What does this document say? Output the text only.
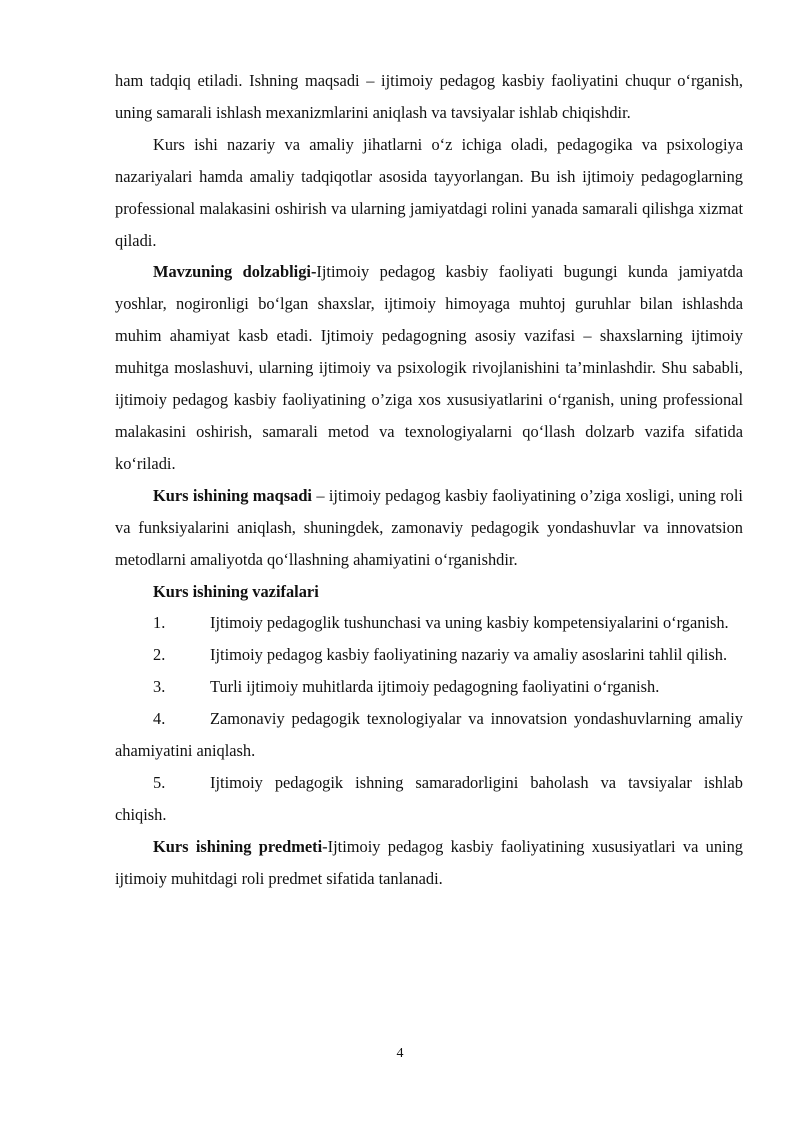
ham tadqiq etiladi. Ishning maqsadi – ijtimoiy pedagog kasbiy faoliyatini chuqur o‘rganish, uning samarali ishlash mexanizmlarini aniqlash va tavsiyalar ishlab chiqishdir.

Kurs ishi nazariy va amaliy jihatlarni o‘z ichiga oladi, pedagogika va psixologiya nazariyalari hamda amaliy tadqiqotlar asosida tayyorlangan. Bu ish ijtimoiy pedagoglarning professional malakasini oshirish va ularning jamiyatdagi rolini yanada samarali qilishga xizmat qiladi.

Mavzuning dolzabligi-Ijtimoiy pedagog kasbiy faoliyati bugungi kunda jamiyatda yoshlar, nogironligi bo‘lgan shaxslar, ijtimoiy himoyaga muhtoj guruhlar bilan ishlashda muhim ahamiyat kasb etadi. Ijtimoiy pedagogning asosiy vazifasi – shaxslarning ijtimoiy muhitga moslashuvi, ularning ijtimoiy va psixologik rivojlanishini ta’minlashdir. Shu sababli, ijtimoiy pedagog kasbiy faoliyatining o’ziga xos xususiyatlarini o‘rganish, uning professional malakasini oshirish, samarali metod va texnologiyalarni qo‘llash dolzarb vazifa sifatida ko‘riladi.

Kurs ishining maqsadi – ijtimoiy pedagog kasbiy faoliyatining o’ziga xosligi, uning roli va funksiyalarini aniqlash, shuningdek, zamonaviy pedagogik yondashuvlar va innovatsion metodlarni amaliyotda qo‘llashning ahamiyatini o‘rganishdir.

Kurs ishining vazifalari

1.	Ijtimoiy pedagoglik tushunchasi va uning kasbiy kompetensiyalarini o‘rganish.

2.	Ijtimoiy pedagog kasbiy faoliyatining nazariy va amaliy asoslarini tahlil qilish.

3.	Turli ijtimoiy muhitlarda ijtimoiy pedagogning faoliyatini o‘rganish.

4.	Zamonaviy pedagogik texnologiyalar va innovatsion yondashuvlarning amaliy ahamiyatini aniqlash.

5.	Ijtimoiy pedagogik ishning samaradorligini baholash va tavsiyalar ishlab chiqish.

Kurs ishining predmeti-Ijtimoiy pedagog kasbiy faoliyatining xususiyatlari va uning ijtimoiy muhitdagi roli predmet sifatida tanlanadi.

4
